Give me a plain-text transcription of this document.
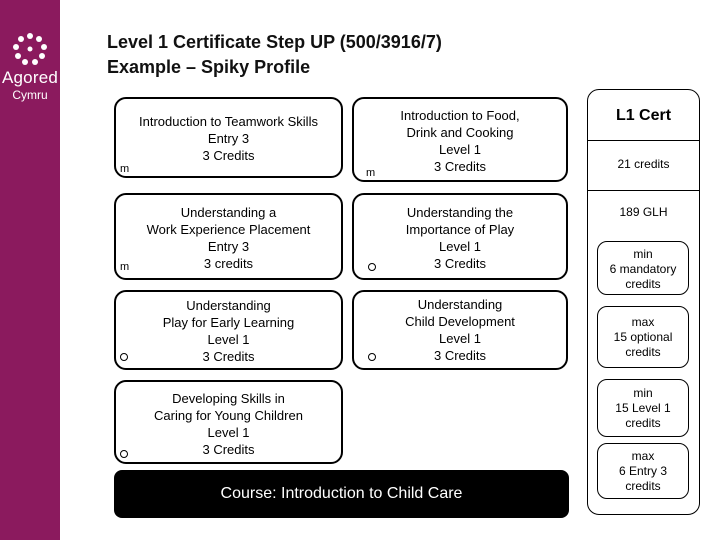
Agored
Cymru
Level 1 Certificate Step UP (500/3916/7)
Example – Spiky Profile
Introduction to Teamwork Skills
Entry 3
3 Credits
m
Understanding a
Work Experience Placement
Entry 3
3 credits
m
Understanding
Play for Early Learning
Level 1
3 Credits
Developing Skills in
Caring for Young Children
Level 1
3 Credits
Introduction to Food,
Drink and Cooking
Level 1
3 Credits
m
Understanding the
Importance of Play
Level 1
3 Credits
Understanding
Child Development
Level 1
3 Credits
Course: Introduction to Child Care
L1 Cert
21 credits
189 GLH
min
6 mandatory
credits
max
15 optional
credits
min
15 Level 1
credits
max
6 Entry 3
credits
